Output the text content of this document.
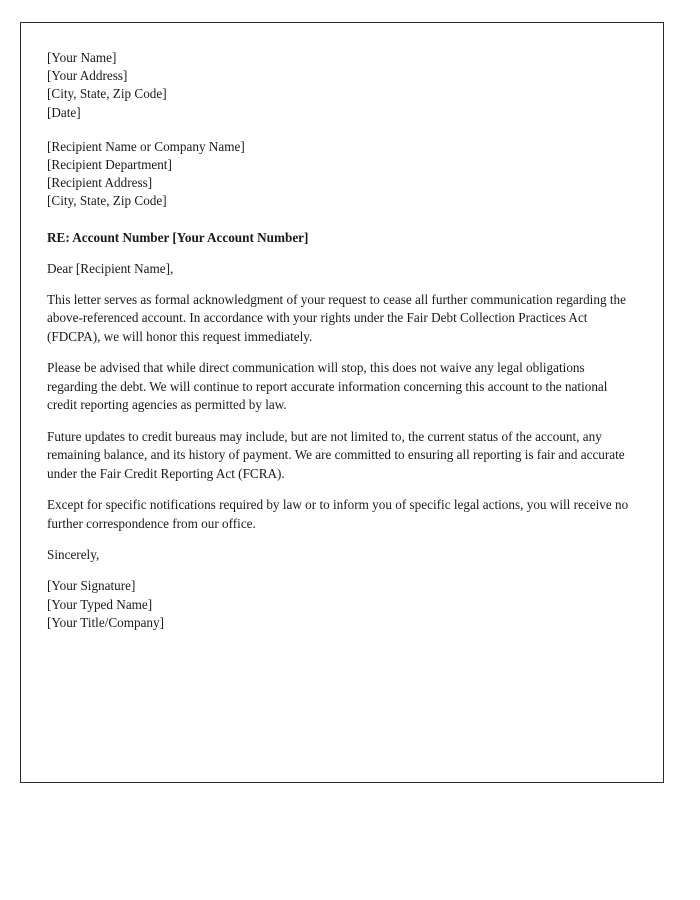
[Your Name]
[Your Address]
[City, State, Zip Code]
[Date]
[Recipient Name or Company Name]
[Recipient Department]
[Recipient Address]
[City, State, Zip Code]
RE: Account Number [Your Account Number]
Dear [Recipient Name],

This letter serves as formal acknowledgment of your request to cease all further communication regarding the above-referenced account. In accordance with your rights under the Fair Debt Collection Practices Act (FDCPA), we will honor this request immediately.

Please be advised that while direct communication will stop, this does not waive any legal obligations regarding the debt. We will continue to report accurate information concerning this account to the national credit reporting agencies as permitted by law.

Future updates to credit bureaus may include, but are not limited to, the current status of the account, any remaining balance, and its history of payment. We are committed to ensuring all reporting is fair and accurate under the Fair Credit Reporting Act (FCRA).

Except for specific notifications required by law or to inform you of specific legal actions, you will receive no further correspondence from our office.

Sincerely,
[Your Signature]
[Your Typed Name]
[Your Title/Company]
